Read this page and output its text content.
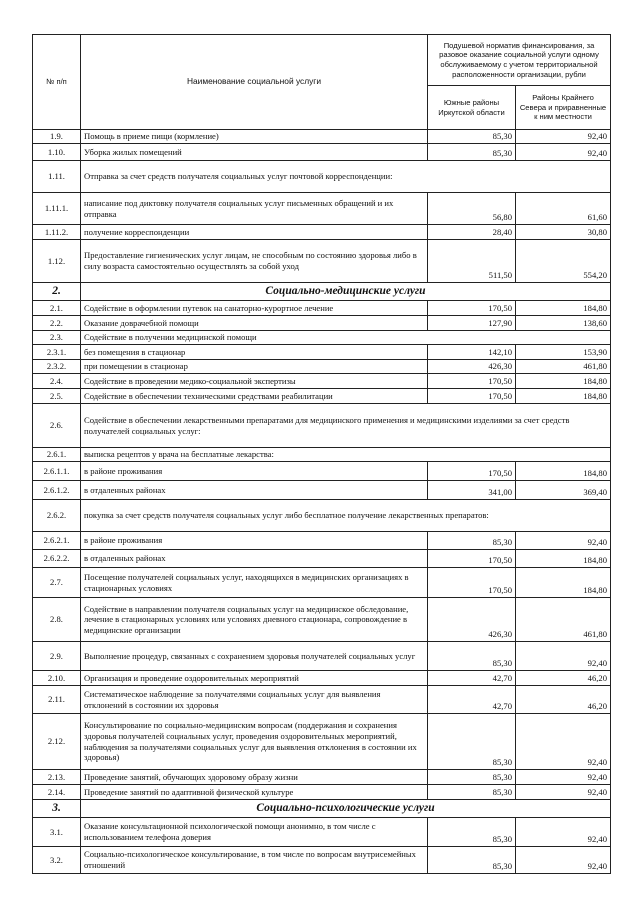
№ п/п	Наименование социальной услуги	Подушевой норматив финансирования, за разовое оказание социальной услуги одному обслуживаемому с учетом территориальной расположенности организации, рубли	
		Южные районы Иркутской области	Районы Крайнего Севера и приравненные к ним местности
1.9.	Помощь в приеме пищи (кормление)	85,30	92,40
1.10.	Уборка жилых помещений	85,30	92,40
1.11.	Отправка за счет средств получателя социальных услуг почтовой корреспонденции:		
1.11.1.	написание под диктовку получателя социальных услуг письменных обращений и их отправка	56,80	61,60
1.11.2.	получение корреспонденции	28,40	30,80
1.12.	Предоставление гигиенических услуг лицам, не способным по состоянию здоровья либо в силу возраста самостоятельно осуществлять за собой уход	511,50	554,20
2.	Социально-медицинские услуги		
2.1.	Содействие в оформлении путевок на санаторно-курортное лечение	170,50	184,80
2.2.	Оказание доврачебной помощи	127,90	138,60
2.3.	Содействие в получении медицинской помощи		
2.3.1.	без помещения в стационар	142,10	153,90
2.3.2.	при помещении в стационар	426,30	461,80
2.4.	Содействие в проведении медико-социальной экспертизы	170,50	184,80
2.5.	Содействие в обеспечении техническими средствами реабилитации	170,50	184,80
2.6.	Содействие в обеспечении лекарственными препаратами для медицинского применения и медицинскими изделиями за счет средств получателей социальных услуг:		
2.6.1.	выписка рецептов у врача на бесплатные лекарства:		
2.6.1.1.	в районе проживания	170,50	184,80
2.6.1.2.	в отдаленных районах	341,00	369,40
2.6.2.	покупка за счет средств получателя социальных услуг либо бесплатное получение лекарственных препаратов:		
2.6.2.1.	в районе проживания	85,30	92,40
2.6.2.2.	в отдаленных районах	170,50	184,80
2.7.	Посещение получателей социальных услуг, находящихся в медицинских организациях в стационарных условиях	170,50	184,80
2.8.	Содействие в направлении получателя социальных услуг на медицинское обследование, лечение в стационарных условиях или условиях дневного стационара, сопровождение в медицинские организации	426,30	461,80
2.9.	Выполнение процедур, связанных с сохранением здоровья получателей социальных услуг	85,30	92,40
2.10.	Организация и проведение оздоровительных мероприятий	42,70	46,20
2.11.	Систематическое наблюдение за получателями социальных услуг для выявления отклонений в состоянии их здоровья	42,70	46,20
2.12.	Консультирование по социально-медицинским вопросам (поддержания и сохранения здоровья получателей социальных услуг, проведения оздоровительных мероприятий, наблюдения за получателями социальных услуг для выявления отклонения в состоянии их здоровья)	85,30	92,40
2.13.	Проведение занятий, обучающих здоровому образу жизни	85,30	92,40
2.14.	Проведение занятий по адаптивной физической культуре	85,30	92,40
3.	Социально-психологические услуги		
3.1.	Оказание консультационной психологической помощи анонимно, в том числе с использованием телефона доверия	85,30	92,40
3.2.	Социально-психологическое консультирование, в том числе по вопросам внутрисемейных отношений	85,30	92,40
